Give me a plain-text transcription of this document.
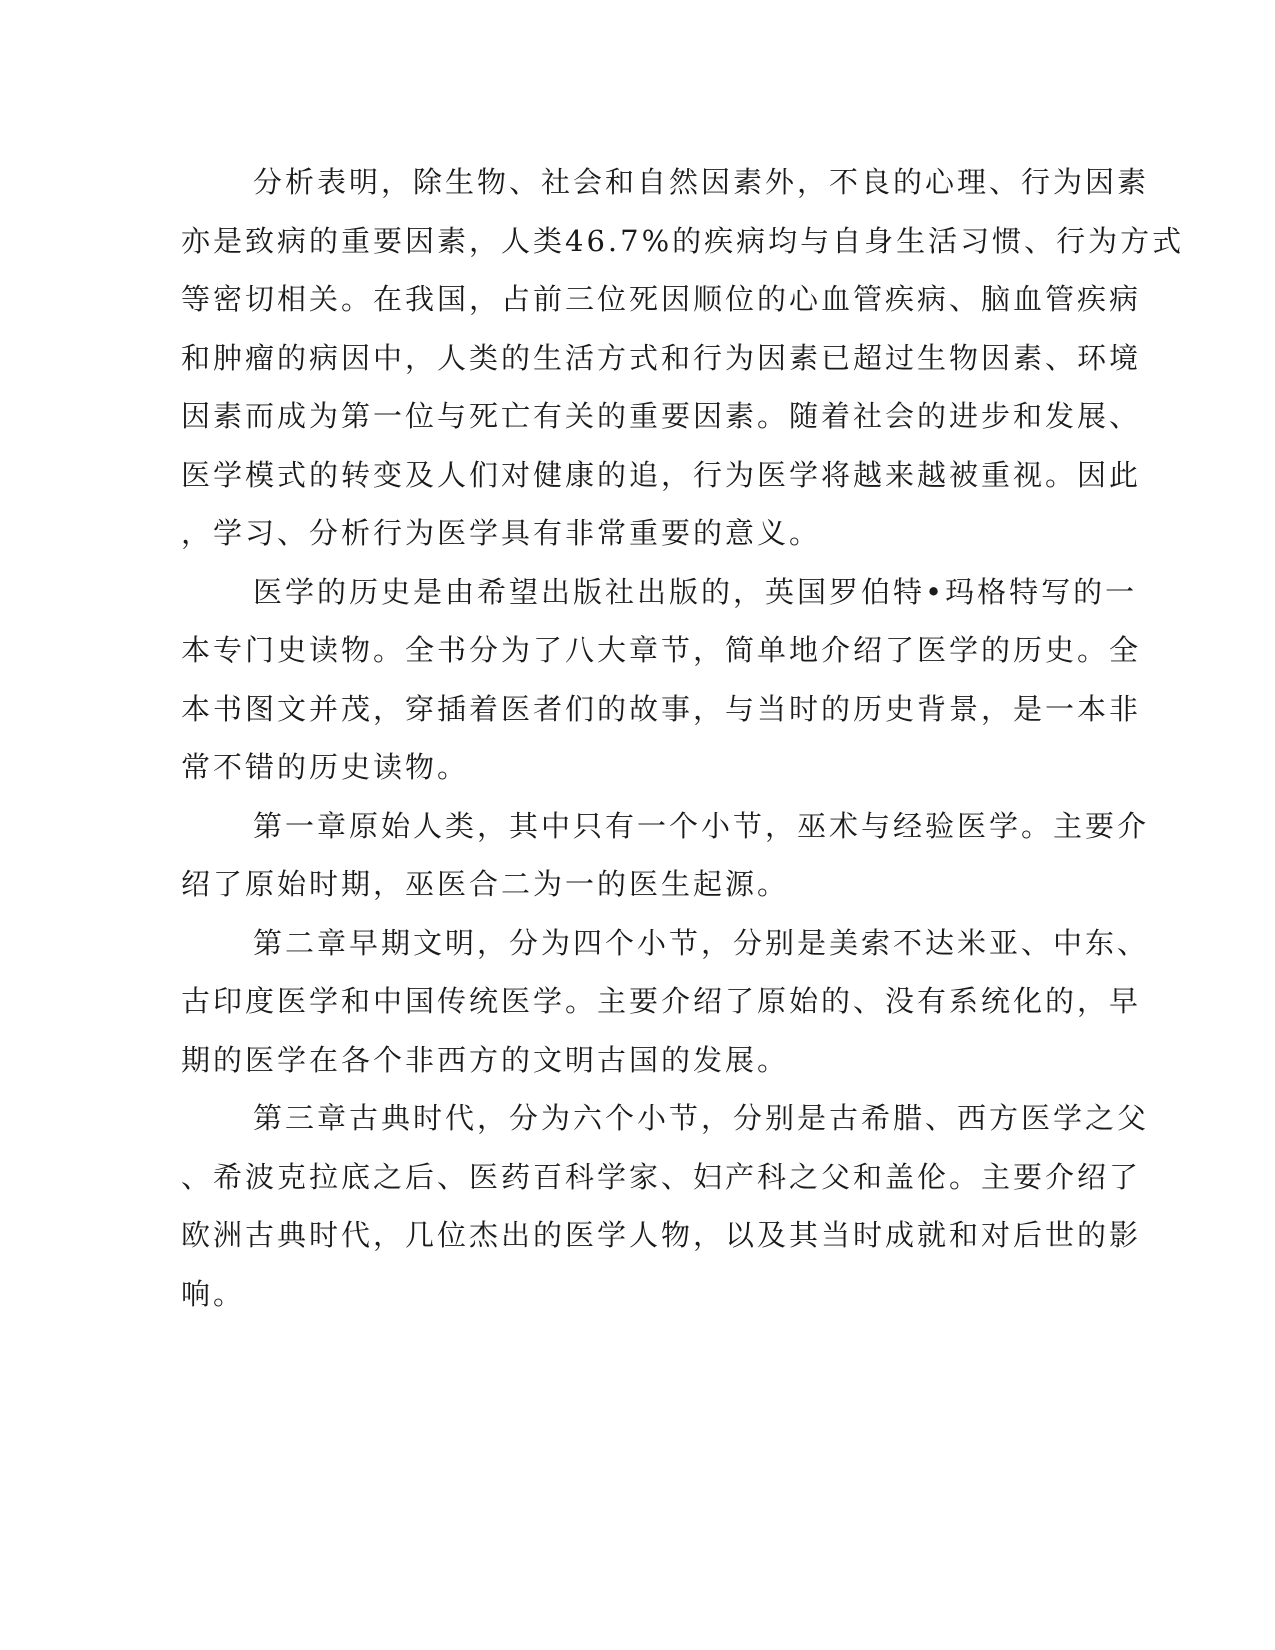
分析表明，除生物、社会和自然因素外，不良的心理、行为因素

亦是致病的重要因素，人类46.7%的疾病均与自身生活习惯、行为方式

等密切相关。在我国，占前三位死因顺位的心血管疾病、脑血管疾病

和肿瘤的病因中，人类的生活方式和行为因素已超过生物因素、环境

因素而成为第一位与死亡有关的重要因素。随着社会的进步和发展、

医学模式的转变及人们对健康的追，行为医学将越来越被重视。因此

，学习、分析行为医学具有非常重要的意义。

医学的历史是由希望出版社出版的，英国罗伯特•玛格特写的一

本专门史读物。全书分为了八大章节，简单地介绍了医学的历史。全

本书图文并茂，穿插着医者们的故事，与当时的历史背景，是一本非

常不错的历史读物。

第一章原始人类，其中只有一个小节，巫术与经验医学。主要介

绍了原始时期，巫医合二为一的医生起源。

第二章早期文明，分为四个小节，分别是美索不达米亚、中东、

古印度医学和中国传统医学。主要介绍了原始的、没有系统化的，早

期的医学在各个非西方的文明古国的发展。

第三章古典时代，分为六个小节，分别是古希腊、西方医学之父

、希波克拉底之后、医药百科学家、妇产科之父和盖伦。主要介绍了

欧洲古典时代，几位杰出的医学人物，以及其当时成就和对后世的影

响。
